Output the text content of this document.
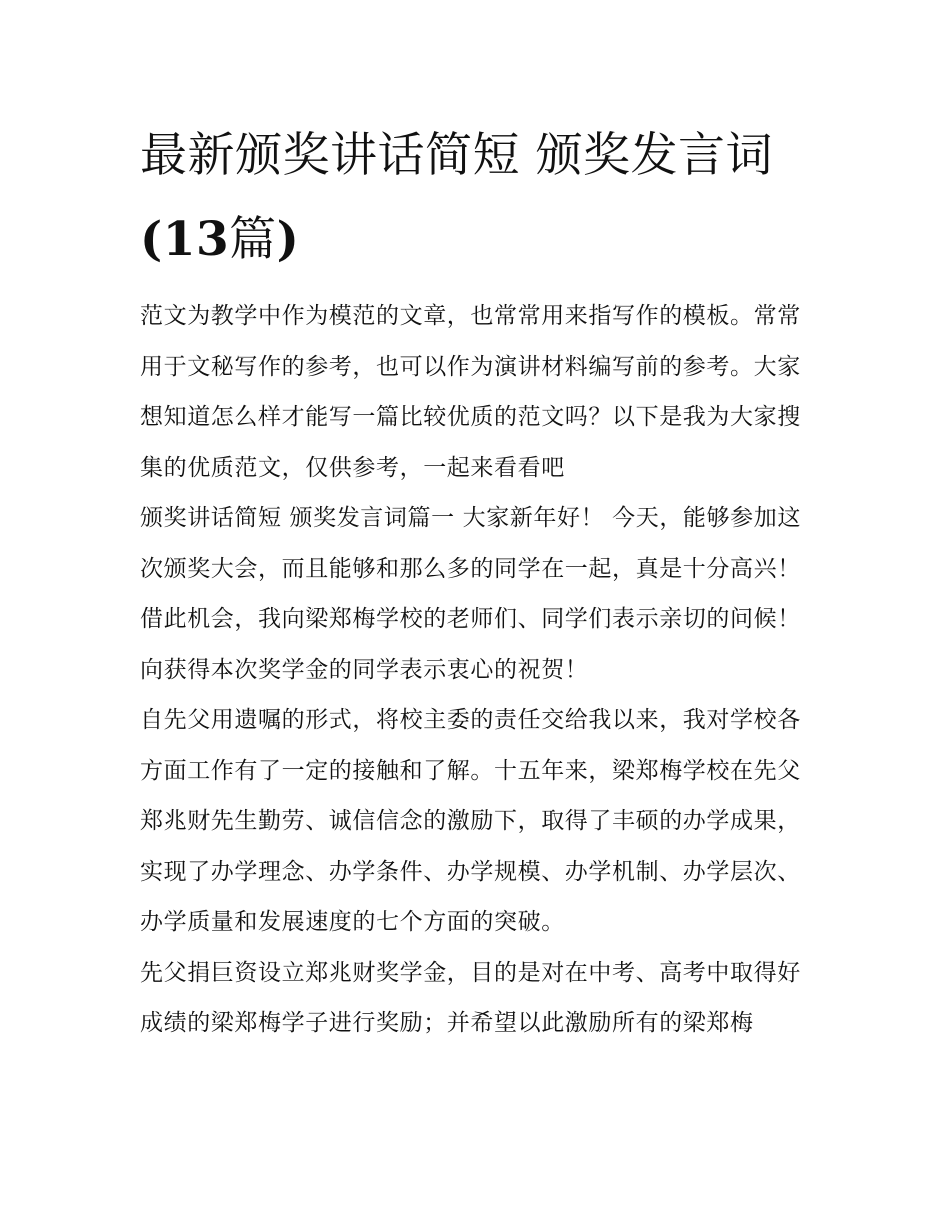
最新颁奖讲话简短 颁奖发言词
(13篇)

范文为教学中作为模范的文章，也常常用来指写作的模板。常常用于文秘写作的参考，也可以作为演讲材料编写前的参考。大家想知道怎么样才能写一篇比较优质的范文吗？以下是我为大家搜集的优质范文，仅供参考，一起来看看吧

颁奖讲话简短 颁奖发言词篇一 大家新年好！ 今天，能够参加这次颁奖大会，而且能够和那么多的同学在一起，真是十分高兴！

借此机会，我向梁郑梅学校的老师们、同学们表示亲切的问候！向获得本次奖学金的同学表示衷心的祝贺！

自先父用遗嘱的形式，将校主委的责任交给我以来，我对学校各方面工作有了一定的接触和了解。十五年来，梁郑梅学校在先父郑兆财先生勤劳、诚信信念的激励下，取得了丰硕的办学成果，实现了办学理念、办学条件、办学规模、办学机制、办学层次、办学质量和发展速度的七个方面的突破。

先父捐巨资设立郑兆财奖学金，目的是对在中考、高考中取得好成绩的梁郑梅学子进行奖励；并希望以此激励所有的梁郑梅
